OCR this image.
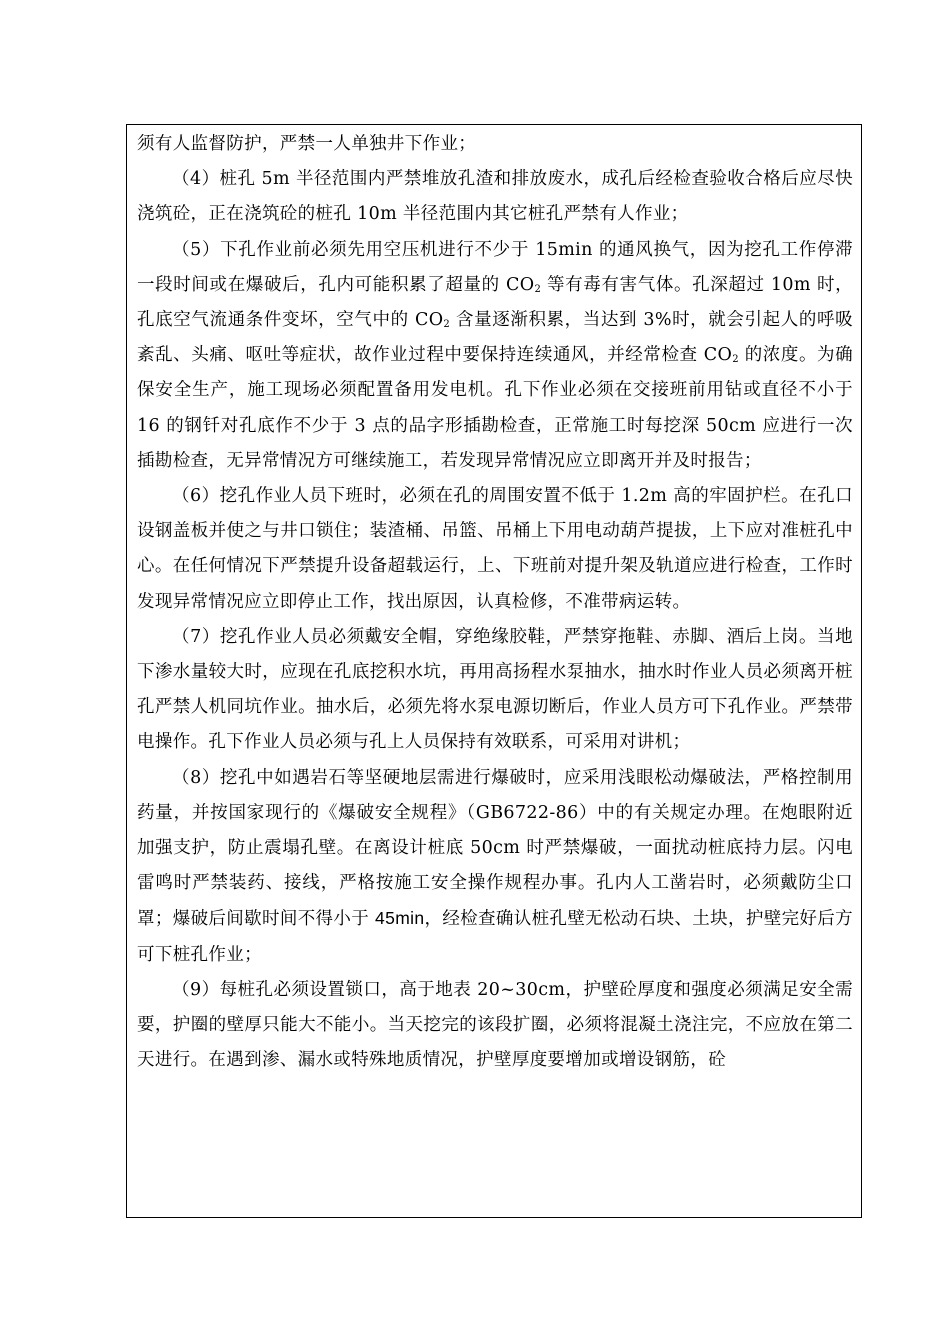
须有人监督防护，严禁一人单独井下作业；

（4）桩孔 5m 半径范围内严禁堆放孔渣和排放废水，成孔后经检查验收合格后应尽快浇筑砼，正在浇筑砼的桩孔 10m 半径范围内其它桩孔严禁有人作业；

（5）下孔作业前必须先用空压机进行不少于 15min 的通风换气，因为挖孔工作停滞一段时间或在爆破后，孔内可能积累了超量的 $CO_2$ 等有毒有害气体。孔深超过 10m 时，孔底空气流通条件变坏，空气中的 $CO_2$ 含量逐渐积累，当达到 3%时，就会引起人的呼吸紊乱、头痛、呕吐等症状，故作业过程中要保持连续通风，并经常检查 $CO_2$ 的浓度。为确保安全生产，施工现场必须配置备用发电机。孔下作业必须在交接班前用钻或直径不小于 16 的钢钎对孔底作不少于 3 点的品字形插勘检查，正常施工时每挖深 50cm 应进行一次插勘检查，无异常情况方可继续施工，若发现异常情况应立即离开并及时报告；

（6）挖孔作业人员下班时，必须在孔的周围安置不低于 1.2m 高的牢固护栏。在孔口设钢盖板并使之与井口锁住；装渣桶、吊篮、吊桶上下用电动葫芦提拔，上下应对准桩孔中心。在任何情况下严禁提升设备超载运行，上、下班前对提升架及轨道应进行检查，工作时发现异常情况应立即停止工作，找出原因，认真检修，不准带病运转。

（7）挖孔作业人员必须戴安全帽，穿绝缘胶鞋，严禁穿拖鞋、赤脚、酒后上岗。当地下渗水量较大时，应现在孔底挖积水坑，再用高扬程水泵抽水，抽水时作业人员必须离开桩孔严禁人机同坑作业。抽水后，必须先将水泵电源切断后，作业人员方可下孔作业。严禁带电操作。孔下作业人员必须与孔上人员保持有效联系，可采用对讲机；

（8）挖孔中如遇岩石等坚硬地层需进行爆破时，应采用浅眼松动爆破法，严格控制用药量，并按国家现行的《爆破安全规程》（GB6722-86）中的有关规定办理。在炮眼附近加强支护，防止震塌孔壁。在离设计桩底 50cm 时严禁爆破，一面扰动桩底持力层。闪电雷鸣时严禁装药、接线，严格按施工安全操作规程办事。孔内人工凿岩时，必须戴防尘口罩；爆破后间歇时间不得小于 45min，经检查确认桩孔壁无松动石块、土块，护壁完好后方可下桩孔作业；

（9）每桩孔必须设置锁口，高于地表 20~30cm，护壁砼厚度和强度必须满足安全需要，护圈的壁厚只能大不能小。当天挖完的该段扩圈，必须将混凝土浇注完，不应放在第二天进行。在遇到渗、漏水或特殊地质情况，护壁厚度要增加或增设钢筋，砼
